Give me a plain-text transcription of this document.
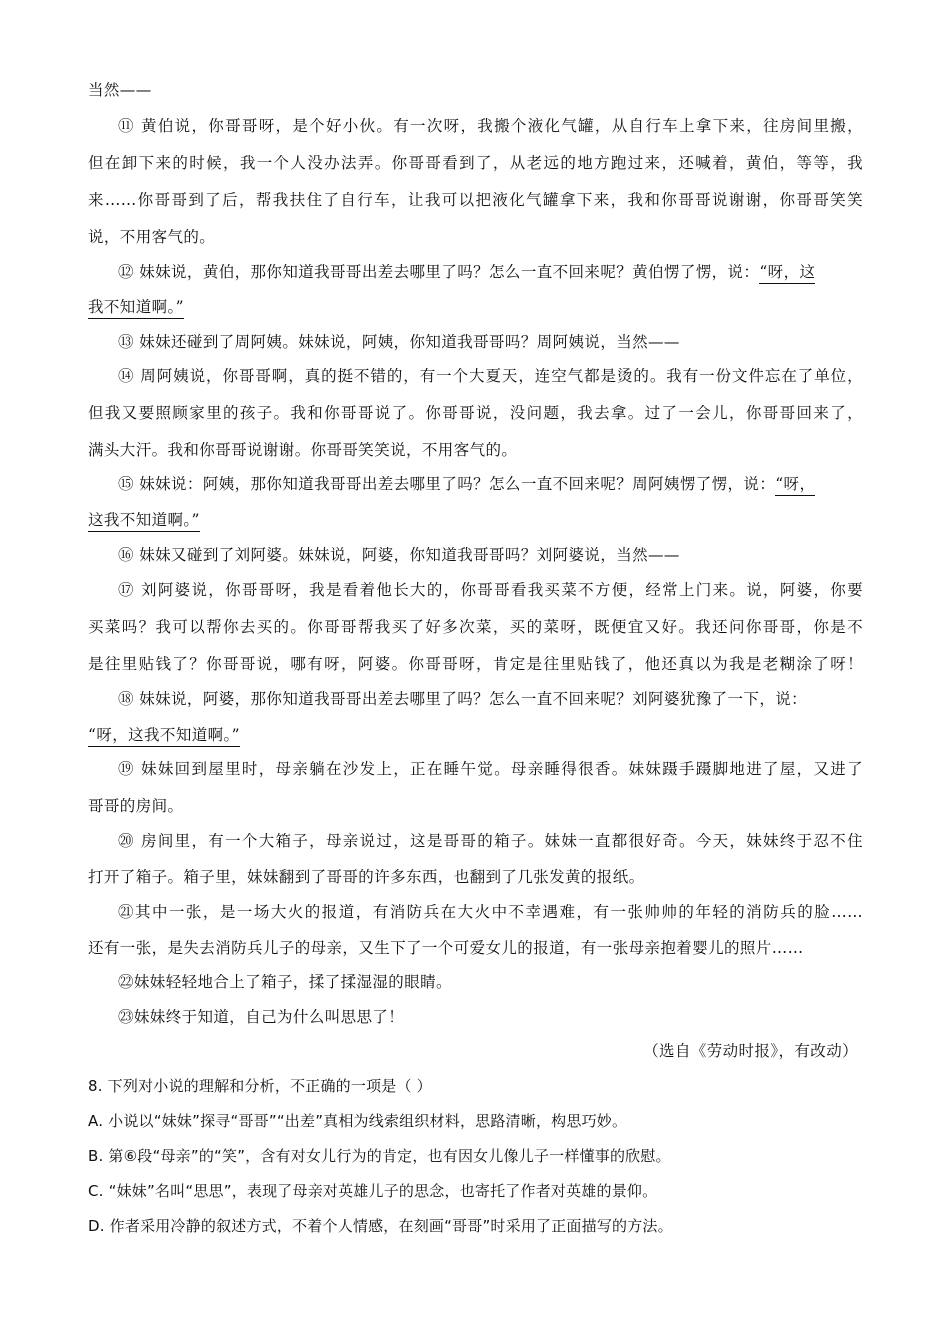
当然——
⑪ 黄伯说，你哥哥呀，是个好小伙。有一次呀，我搬个液化气罐，从自行车上拿下来，往房间里搬，
但在卸下来的时候，我一个人没办法弄。你哥哥看到了，从老远的地方跑过来，还喊着，黄伯，等等，我
来……你哥哥到了后，帮我扶住了自行车，让我可以把液化气罐拿下来，我和你哥哥说谢谢，你哥哥笑笑
说，不用客气的。
⑫ 妹妹说，黄伯，那你知道我哥哥出差去哪里了吗？怎么一直不回来呢？黄伯愣了愣，说：“呀，这
我不知道啊。”
⑬ 妹妹还碰到了周阿姨。妹妹说，阿姨，你知道我哥哥吗？周阿姨说，当然——
⑭ 周阿姨说，你哥哥啊，真的挺不错的，有一个大夏天，连空气都是烫的。我有一份文件忘在了单位，
但我又要照顾家里的孩子。我和你哥哥说了。你哥哥说，没问题，我去拿。过了一会儿，你哥哥回来了，
满头大汗。我和你哥哥说谢谢。你哥哥笑笑说，不用客气的。
⑮ 妹妹说：阿姨，那你知道我哥哥出差去哪里了吗？怎么一直不回来呢？周阿姨愣了愣，说：“呀，
这我不知道啊。”
⑯ 妹妹又碰到了刘阿婆。妹妹说，阿婆，你知道我哥哥吗？刘阿婆说，当然——
⑰ 刘阿婆说，你哥哥呀，我是看着他长大的，你哥哥看我买菜不方便，经常上门来。说，阿婆，你要
买菜吗？我可以帮你去买的。你哥哥帮我买了好多次菜，买的菜呀，既便宜又好。我还问你哥哥，你是不
是往里贴钱了？你哥哥说，哪有呀，阿婆。你哥哥呀，肯定是往里贴钱了，他还真以为我是老糊涂了呀！
⑱ 妹妹说，阿婆，那你知道我哥哥出差去哪里了吗？怎么一直不回来呢？刘阿婆犹豫了一下，说：
“呀，这我不知道啊。”
⑲ 妹妹回到屋里时，母亲躺在沙发上，正在睡午觉。母亲睡得很香。妹妹蹑手蹑脚地进了屋，又进了
哥哥的房间。
⑳ 房间里，有一个大箱子，母亲说过，这是哥哥的箱子。妹妹一直都很好奇。今天，妹妹终于忍不住
打开了箱子。箱子里，妹妹翻到了哥哥的许多东西，也翻到了几张发黄的报纸。
㉑其中一张，是一场大火的报道，有消防兵在大火中不幸遇难，有一张帅帅的年轻的消防兵的脸……
还有一张，是失去消防兵儿子的母亲，又生下了一个可爱女儿的报道，有一张母亲抱着婴儿的照片……
㉒妹妹轻轻地合上了箱子，揉了揉湿湿的眼睛。
㉓妹妹终于知道，自己为什么叫思思了！
（选自《劳动时报》，有改动）
8. 下列对小说的理解和分析，不正确的一项是（ ）
A. 小说以“妹妹”探寻“哥哥”“出差”真相为线索组织材料，思路清晰，构思巧妙。
B. 第⑥段“母亲”的“笑”，含有对女儿行为的肯定，也有因女儿像儿子一样懂事的欣慰。
C. “妹妹”名叫“思思”，表现了母亲对英雄儿子的思念，也寄托了作者对英雄的景仰。
D. 作者采用冷静的叙述方式，不着个人情感，在刻画“哥哥”时采用了正面描写的方法。
